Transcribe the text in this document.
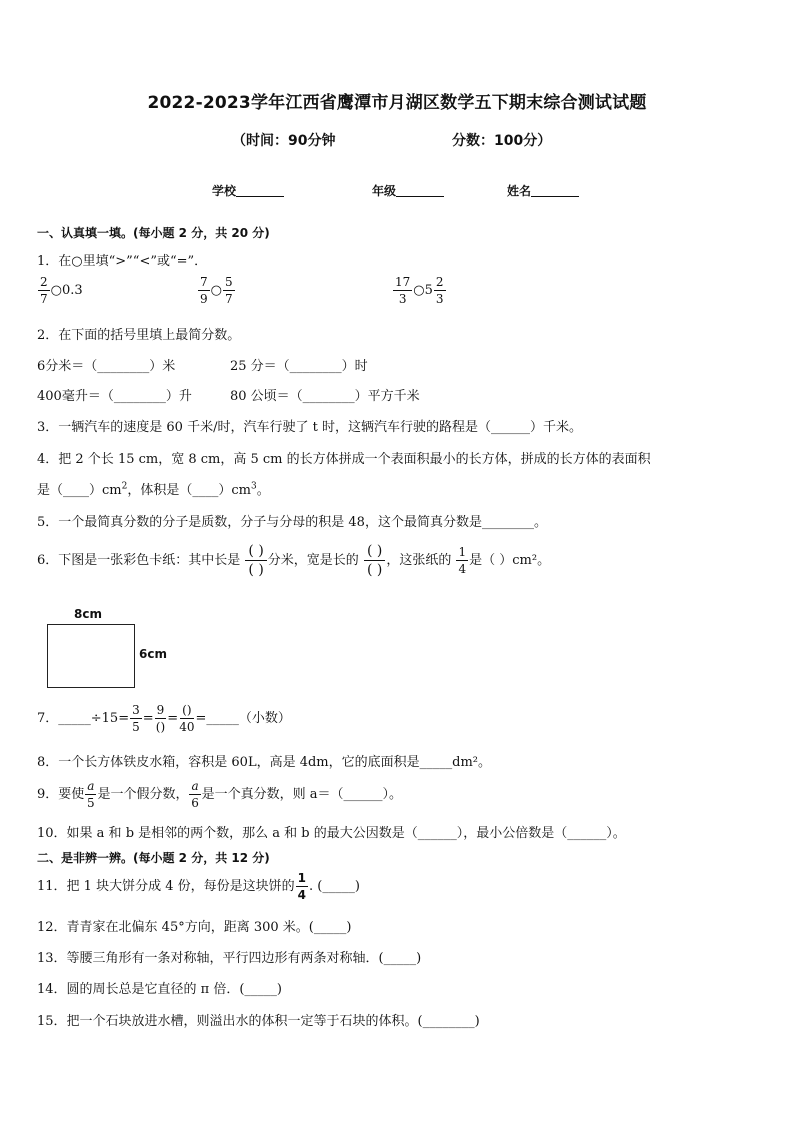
2022-2023学年江西省鹰潭市月湖区数学五下期末综合测试试题
（时间：90分钟	分数：100分）
学校	年级	姓名
一、认真填一填。(每小题 2 分，共 20 分)
1．在○里填“>”“<”或“=”．
$\frac{2}{7}$ ○0.3	$\frac{7}{9}$ ○ $\frac{5}{7}$	$\frac{17}{3}$ ○5 $\frac{2}{3}$
2．在下面的括号里填上最简分数。
6分米＝（________）米	25 分＝（________）时
400毫升＝（________）升	80 公顷＝（________）平方千米
3．一辆汽车的速度是 60 千米/时，汽车行驶了 t 时，这辆汽车行驶的路程是（______）千米。
4．把 2 个长 15 cm，宽 8 cm，高 5 cm 的长方体拼成一个表面积最小的长方体，拼成的长方体的表面积
是$(\_\_\_\_)cm^2$，体积是$(\_\_\_\_)cm^3$。
5．一个最简真分数的分子是质数，分子与分母的积是 48，这个最简真分数是________。
6．下图是一张彩色卡纸：其中长是 $\frac{( )}{( )}$ 分米，宽是长的 $\frac{( )}{( )}$ ，这张纸的 $\frac{1}{4}$ 是（ ）cm²。
8cm
6cm
7．_____÷15= $\frac{3}{5} = \frac{9}{()} = \frac{()}{40}$ =_____（小数）
8．一个长方体铁皮水箱，容积是 60L，高是 4dm，它的底面积是_____dm²。
9．要使 $\frac{a}{5}$ 是一个假分数， $\frac{a}{6}$ 是一个真分数，则 a＝（______）。
10．如果 a 和 b 是相邻的两个数，那么 a 和 b 的最大公因数是（______），最小公倍数是（______）。
二、是非辨一辨。(每小题 2 分，共 12 分)
11．把 1 块大饼分成 4 份，每份是这块饼的 $\frac{1}{4}$ . (_____)
12．青青家在北偏东 45°方向，距离 300 米。(_____)
13．等腰三角形有一条对称轴，平行四边形有两条对称轴．(_____)
14．圆的周长总是它直径的 π 倍．(_____)
15．把一个石块放进水槽，则溢出水的体积一定等于石块的体积。(________)
